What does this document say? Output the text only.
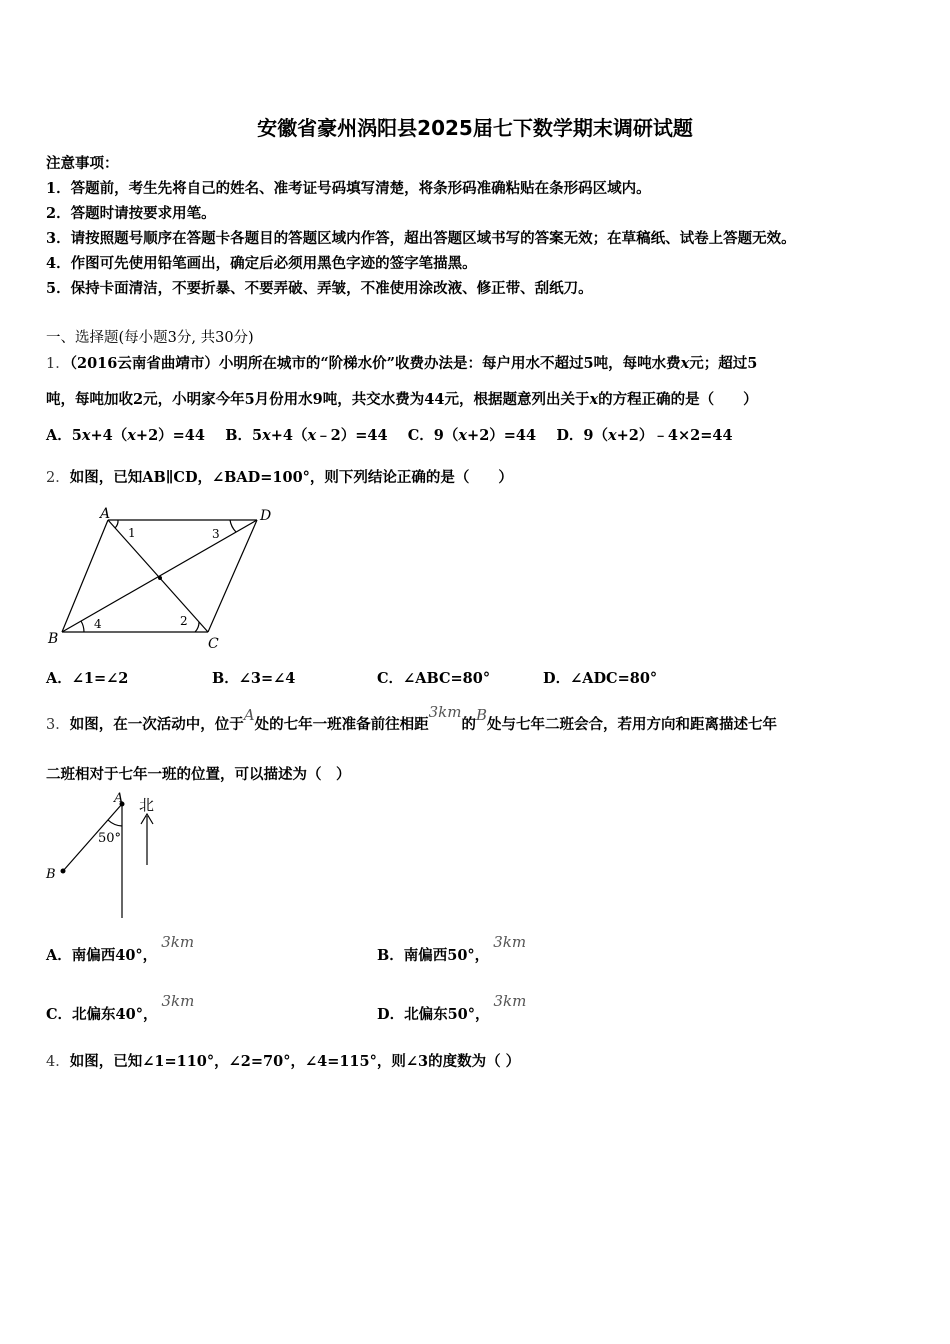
安徽省豪州涡阳县2025届七下数学期末调研试题
注意事项：
1．答题前，考生先将自己的姓名、准考证号码填写清楚，将条形码准确粘贴在条形码区域内。
2．答题时请按要求用笔。
3．请按照题号顺序在答题卡各题目的答题区域内作答，超出答题区域书写的答案无效；在草稿纸、试卷上答题无效。
4．作图可先使用铅笔画出，确定后必须用黑色字迹的签字笔描黑。
5．保持卡面清洁，不要折暴、不要弄破、弄皱，不准使用涂改液、修正带、刮纸刀。
一、选择题(每小题3分, 共30分)
1．（2016云南省曲靖市）小明所在城市的“阶梯水价”收费办法是：每户用水不超过5吨，每吨水费x元；超过5
吨，每吨加收2元，小明家今年5月份用水9吨，共交水费为44元，根据题意列出关于x的方程正确的是（　　）
A．5x+4（x+2）=44 B．5x+4（x﹣2）=44 C．9（x+2）=44 D．9（x+2）﹣4×2=44
2．如图，已知AB∥CD，∠BAD=100°，则下列结论正确的是（　　）
A	D
B	C
1	3
4	2
A．∠1=∠2	B．∠3=∠4	C．∠ABC=80°	D．∠ADC=80°
3．如图，在一次活动中，位于A处的七年一班准备前往相距3km的B处与七年二班会合，若用方向和距离描述七年
二班相对于七年一班的位置，可以描述为（　）
A
B
北
50°
A．南偏西40°，3km
B．南偏西50°，3km
C．北偏东40°，3km
D．北偏东50°，3km
4．如图，已知∠1=110°，∠2=70°，∠4=115°，则∠3的度数为（ ）
